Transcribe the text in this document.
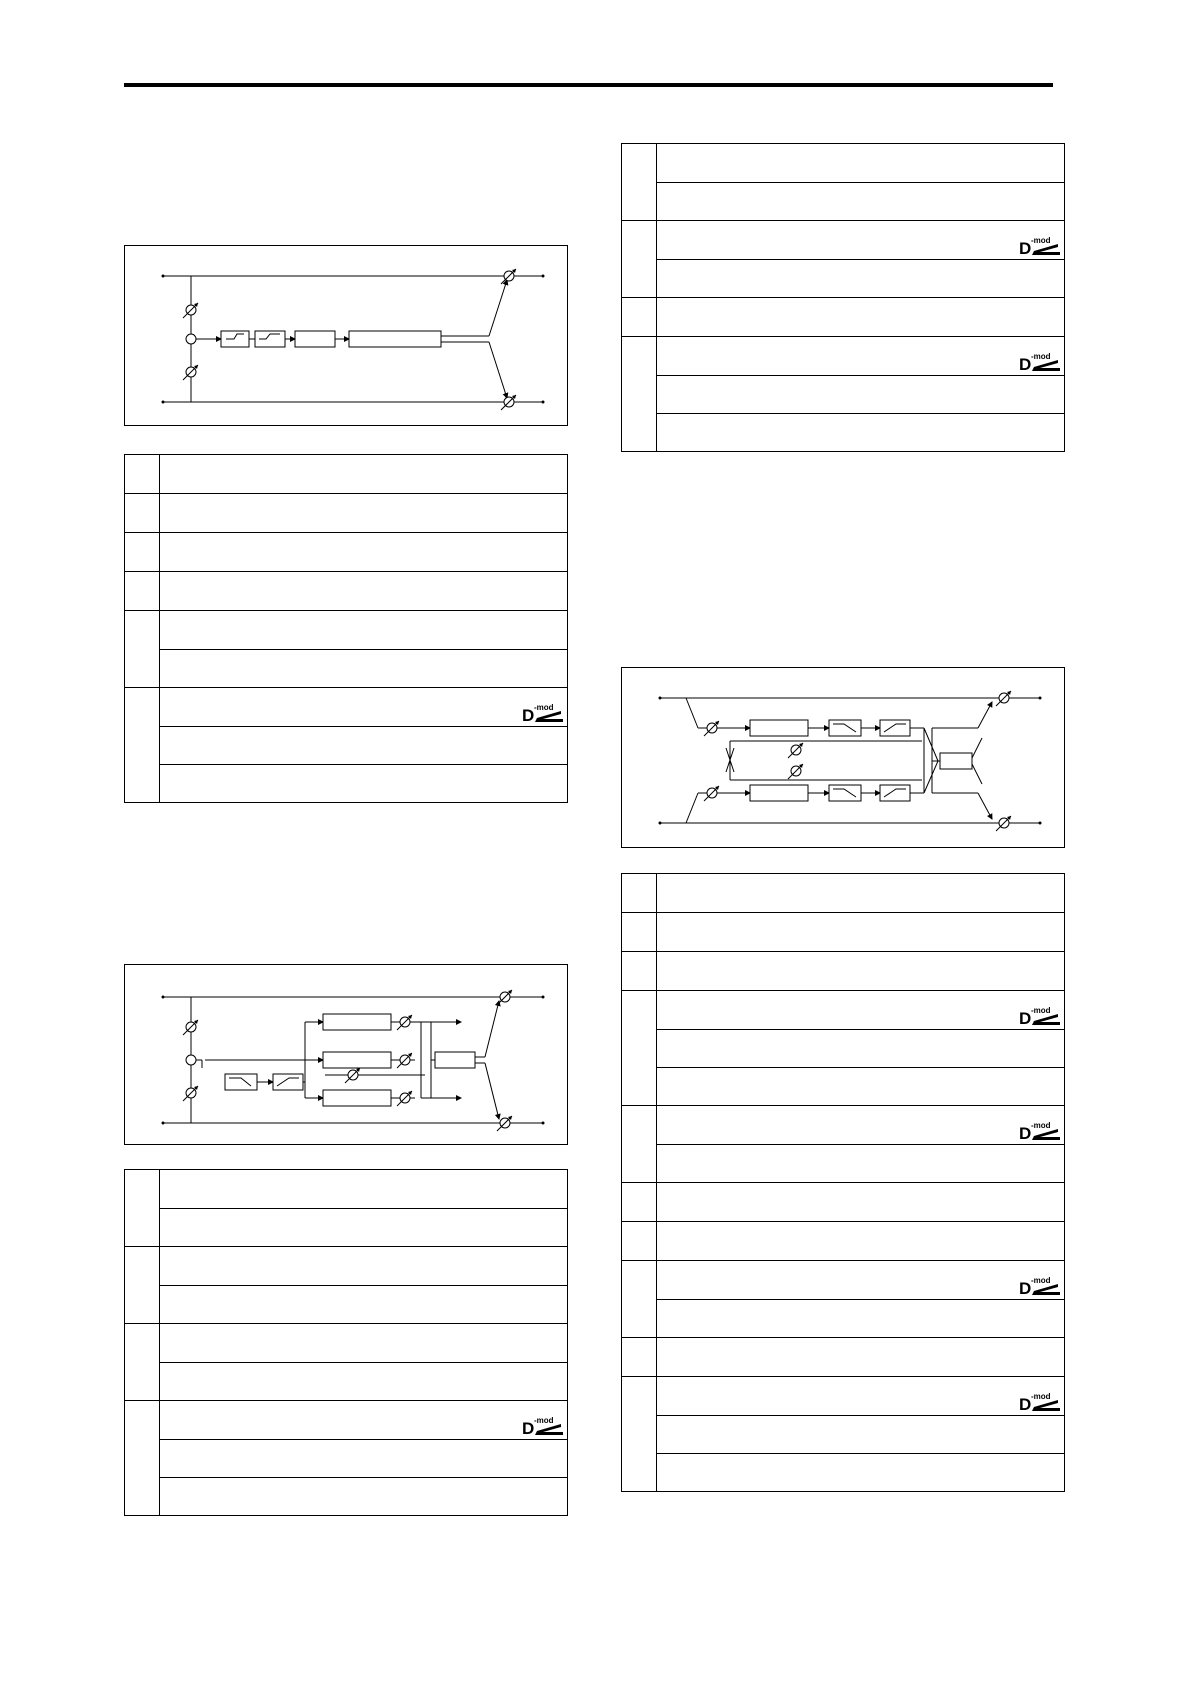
D -mod
D -mod
D -mod
D -mod
D -mod
D -mod
D -mod
D -mod
